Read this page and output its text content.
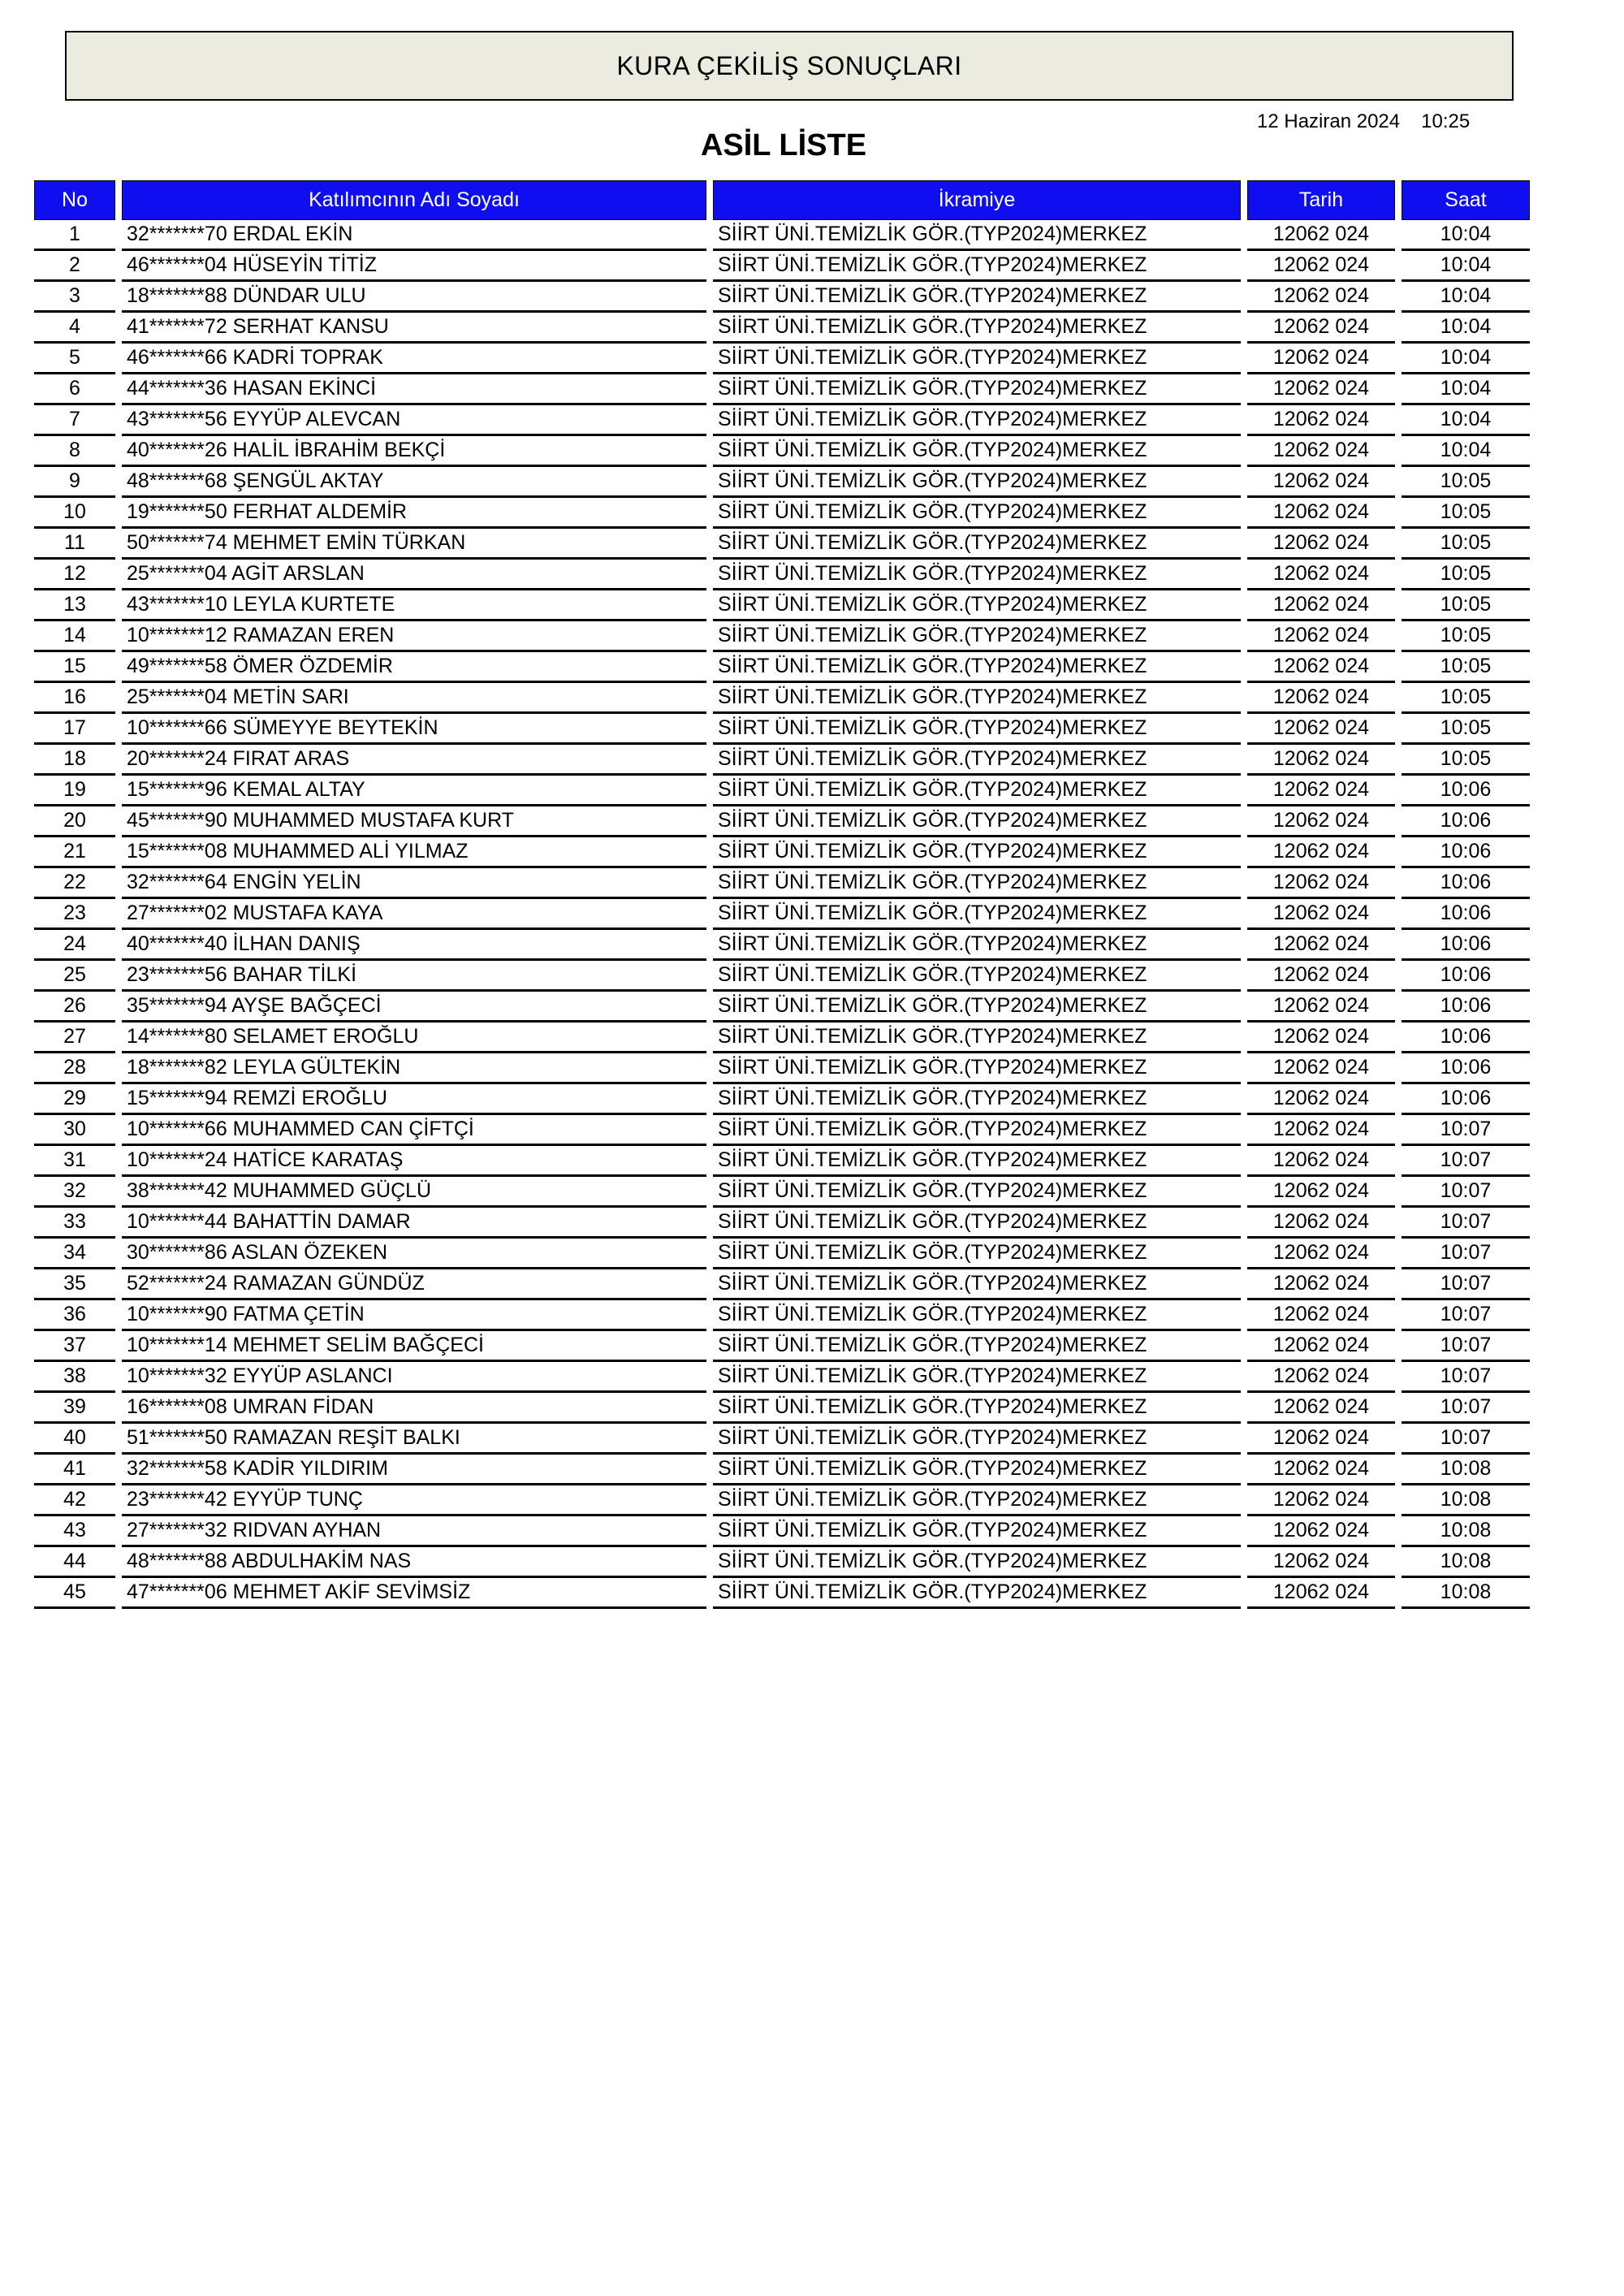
KURA ÇEKİLİŞ SONUÇLARI
12 Haziran 2024 10:25
ASİL LİSTE
No	Katılımcının Adı Soyadı	İkramiye	Tarih	Saat
1	32*******70 ERDAL EKİN	SİİRT ÜNİ.TEMİZLİK GÖR.(TYP2024)MERKEZ	12062 024	10:04
2	46*******04 HÜSEYİN TİTİZ	SİİRT ÜNİ.TEMİZLİK GÖR.(TYP2024)MERKEZ	12062 024	10:04
3	18*******88 DÜNDAR ULU	SİİRT ÜNİ.TEMİZLİK GÖR.(TYP2024)MERKEZ	12062 024	10:04
4	41*******72 SERHAT KANSU	SİİRT ÜNİ.TEMİZLİK GÖR.(TYP2024)MERKEZ	12062 024	10:04
5	46*******66 KADRİ TOPRAK	SİİRT ÜNİ.TEMİZLİK GÖR.(TYP2024)MERKEZ	12062 024	10:04
6	44*******36 HASAN EKİNCİ	SİİRT ÜNİ.TEMİZLİK GÖR.(TYP2024)MERKEZ	12062 024	10:04
7	43*******56 EYYÜP ALEVCAN	SİİRT ÜNİ.TEMİZLİK GÖR.(TYP2024)MERKEZ	12062 024	10:04
8	40*******26 HALİL İBRAHİM BEKÇİ	SİİRT ÜNİ.TEMİZLİK GÖR.(TYP2024)MERKEZ	12062 024	10:04
9	48*******68 ŞENGÜL AKTAY	SİİRT ÜNİ.TEMİZLİK GÖR.(TYP2024)MERKEZ	12062 024	10:05
10	19*******50 FERHAT ALDEMİR	SİİRT ÜNİ.TEMİZLİK GÖR.(TYP2024)MERKEZ	12062 024	10:05
11	50*******74 MEHMET EMİN TÜRKAN	SİİRT ÜNİ.TEMİZLİK GÖR.(TYP2024)MERKEZ	12062 024	10:05
12	25*******04 AGİT ARSLAN	SİİRT ÜNİ.TEMİZLİK GÖR.(TYP2024)MERKEZ	12062 024	10:05
13	43*******10 LEYLA KURTETE	SİİRT ÜNİ.TEMİZLİK GÖR.(TYP2024)MERKEZ	12062 024	10:05
14	10*******12 RAMAZAN EREN	SİİRT ÜNİ.TEMİZLİK GÖR.(TYP2024)MERKEZ	12062 024	10:05
15	49*******58 ÖMER ÖZDEMİR	SİİRT ÜNİ.TEMİZLİK GÖR.(TYP2024)MERKEZ	12062 024	10:05
16	25*******04 METİN SARI	SİİRT ÜNİ.TEMİZLİK GÖR.(TYP2024)MERKEZ	12062 024	10:05
17	10*******66 SÜMEYYE BEYTEKİN	SİİRT ÜNİ.TEMİZLİK GÖR.(TYP2024)MERKEZ	12062 024	10:05
18	20*******24 FIRAT ARAS	SİİRT ÜNİ.TEMİZLİK GÖR.(TYP2024)MERKEZ	12062 024	10:05
19	15*******96 KEMAL ALTAY	SİİRT ÜNİ.TEMİZLİK GÖR.(TYP2024)MERKEZ	12062 024	10:06
20	45*******90 MUHAMMED MUSTAFA KURT	SİİRT ÜNİ.TEMİZLİK GÖR.(TYP2024)MERKEZ	12062 024	10:06
21	15*******08 MUHAMMED ALİ YILMAZ	SİİRT ÜNİ.TEMİZLİK GÖR.(TYP2024)MERKEZ	12062 024	10:06
22	32*******64 ENGİN YELİN	SİİRT ÜNİ.TEMİZLİK GÖR.(TYP2024)MERKEZ	12062 024	10:06
23	27*******02 MUSTAFA KAYA	SİİRT ÜNİ.TEMİZLİK GÖR.(TYP2024)MERKEZ	12062 024	10:06
24	40*******40 İLHAN DANIŞ	SİİRT ÜNİ.TEMİZLİK GÖR.(TYP2024)MERKEZ	12062 024	10:06
25	23*******56 BAHAR TİLKİ	SİİRT ÜNİ.TEMİZLİK GÖR.(TYP2024)MERKEZ	12062 024	10:06
26	35*******94 AYŞE BAĞÇECİ	SİİRT ÜNİ.TEMİZLİK GÖR.(TYP2024)MERKEZ	12062 024	10:06
27	14*******80 SELAMET EROĞLU	SİİRT ÜNİ.TEMİZLİK GÖR.(TYP2024)MERKEZ	12062 024	10:06
28	18*******82 LEYLA GÜLTEKİN	SİİRT ÜNİ.TEMİZLİK GÖR.(TYP2024)MERKEZ	12062 024	10:06
29	15*******94 REMZİ EROĞLU	SİİRT ÜNİ.TEMİZLİK GÖR.(TYP2024)MERKEZ	12062 024	10:06
30	10*******66 MUHAMMED CAN ÇİFTÇİ	SİİRT ÜNİ.TEMİZLİK GÖR.(TYP2024)MERKEZ	12062 024	10:07
31	10*******24 HATİCE KARATAŞ	SİİRT ÜNİ.TEMİZLİK GÖR.(TYP2024)MERKEZ	12062 024	10:07
32	38*******42 MUHAMMED GÜÇLÜ	SİİRT ÜNİ.TEMİZLİK GÖR.(TYP2024)MERKEZ	12062 024	10:07
33	10*******44 BAHATTİN DAMAR	SİİRT ÜNİ.TEMİZLİK GÖR.(TYP2024)MERKEZ	12062 024	10:07
34	30*******86 ASLAN ÖZEKEN	SİİRT ÜNİ.TEMİZLİK GÖR.(TYP2024)MERKEZ	12062 024	10:07
35	52*******24 RAMAZAN GÜNDÜZ	SİİRT ÜNİ.TEMİZLİK GÖR.(TYP2024)MERKEZ	12062 024	10:07
36	10*******90 FATMA ÇETİN	SİİRT ÜNİ.TEMİZLİK GÖR.(TYP2024)MERKEZ	12062 024	10:07
37	10*******14 MEHMET SELİM BAĞÇECİ	SİİRT ÜNİ.TEMİZLİK GÖR.(TYP2024)MERKEZ	12062 024	10:07
38	10*******32 EYYÜP ASLANCI	SİİRT ÜNİ.TEMİZLİK GÖR.(TYP2024)MERKEZ	12062 024	10:07
39	16*******08 UMRAN FİDAN	SİİRT ÜNİ.TEMİZLİK GÖR.(TYP2024)MERKEZ	12062 024	10:07
40	51*******50 RAMAZAN REŞİT BALKI	SİİRT ÜNİ.TEMİZLİK GÖR.(TYP2024)MERKEZ	12062 024	10:07
41	32*******58 KADİR YILDIRIM	SİİRT ÜNİ.TEMİZLİK GÖR.(TYP2024)MERKEZ	12062 024	10:08
42	23*******42 EYYÜP TUNÇ	SİİRT ÜNİ.TEMİZLİK GÖR.(TYP2024)MERKEZ	12062 024	10:08
43	27*******32 RIDVAN AYHAN	SİİRT ÜNİ.TEMİZLİK GÖR.(TYP2024)MERKEZ	12062 024	10:08
44	48*******88 ABDULHAKİM NAS	SİİRT ÜNİ.TEMİZLİK GÖR.(TYP2024)MERKEZ	12062 024	10:08
45	47*******06 MEHMET AKİF SEVİMSİZ	SİİRT ÜNİ.TEMİZLİK GÖR.(TYP2024)MERKEZ	12062 024	10:08
